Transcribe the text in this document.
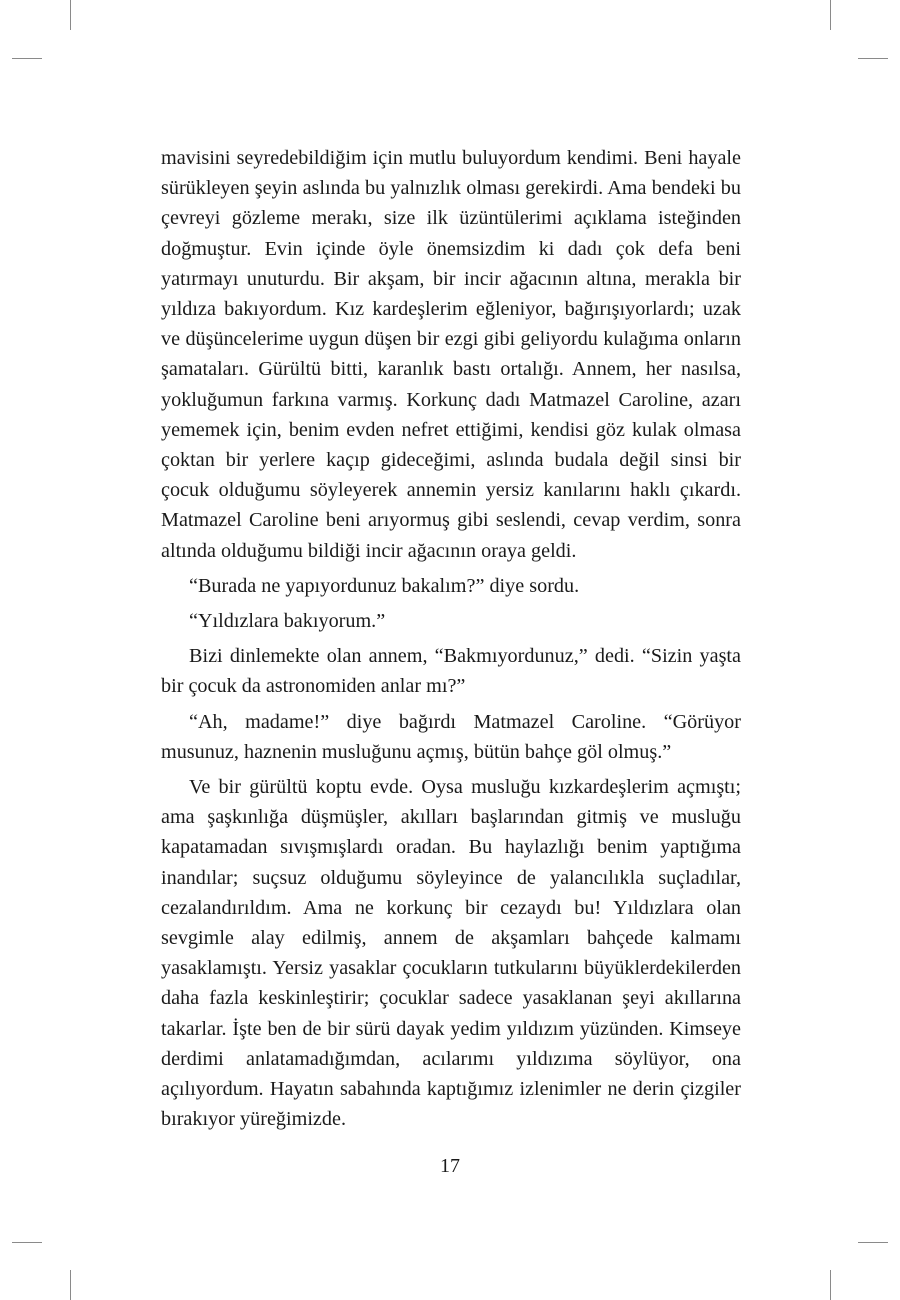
mavisini seyredebildiğim için mutlu buluyordum kendimi. Beni hayale sürükleyen şeyin aslında bu yalnızlık olması gerekirdi. Ama bendeki bu çevreyi gözleme merakı, size ilk üzüntülerimi açıklama isteğinden doğmuştur. Evin içinde öyle önemsizdim ki dadı çok defa beni yatırmayı unuturdu. Bir akşam, bir incir ağacının altına, merakla bir yıldıza bakıyordum. Kız kardeşlerim eğleniyor, bağırışıyorlardı; uzak ve düşüncelerime uygun düşen bir ezgi gibi geliyordu kulağıma onların şamataları. Gürültü bitti, karanlık bastı ortalığı. Annem, her nasılsa, yokluğumun farkına varmış. Korkunç dadı Matmazel Caroline, azarı yememek için, benim evden nefret ettiğimi, kendisi göz kulak olmasa çoktan bir yerlere kaçıp gideceğimi, aslında budala değil sinsi bir çocuk olduğumu söyleyerek annemin yersiz kanılarını haklı çıkardı. Matmazel Caroline beni arıyormuş gibi seslendi, cevap verdim, sonra altında olduğumu bildiği incir ağacının oraya geldi.

“Burada ne yapıyordunuz bakalım?” diye sordu.

“Yıldızlara bakıyorum.”

Bizi dinlemekte olan annem, “Bakmıyordunuz,” dedi. “Sizin yaşta bir çocuk da astronomiden anlar mı?”

“Ah, madame!” diye bağırdı Matmazel Caroline. “Görüyor musunuz, haznenin musluğunu açmış, bütün bahçe göl olmuş.”

Ve bir gürültü koptu evde. Oysa musluğu kızkardeşlerim açmıştı; ama şaşkınlığa düşmüşler, akılları başlarından gitmiş ve musluğu kapatamadan sıvışmışlardı oradan. Bu haylazlığı benim yaptığıma inandılar; suçsuz olduğumu söyleyince de yalancılıkla suçladılar, cezalandırıldım. Ama ne korkunç bir cezaydı bu! Yıldızlara olan sevgimle alay edilmiş, annem de akşamları bahçede kalmamı yasaklamıştı. Yersiz yasaklar çocukların tutkularını büyüklerdekilerden daha fazla keskinleştirir; çocuklar sadece yasaklanan şeyi akıllarına takarlar. İşte ben de bir sürü dayak yedim yıldızım yüzünden. Kimseye derdimi anlatamadığımdan, acılarımı yıldızıma söylüyor, ona açılıyordum. Hayatın sabahında kaptığımız izlenimler ne derin çizgiler bırakıyor yüreğimizde.

17
